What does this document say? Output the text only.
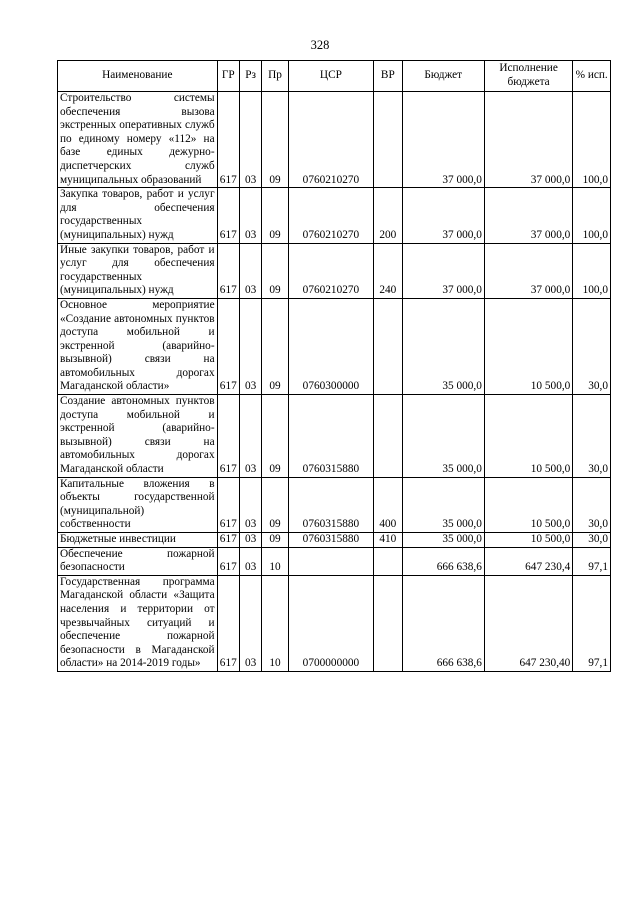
328
Наименование	ГР	Рз	Пр	ЦСР	ВР	Бюджет	Исполнение бюджета	% исп.
Строительство системы обеспечения вызова экстренных оперативных служб по единому номеру «112» на базе единых дежурно-диспетчерских служб муниципальных образований	617	03	09	0760210270		37 000,0	37 000,0	100,0
Закупка товаров, работ и услуг для обеспечения государственных (муниципальных) нужд	617	03	09	0760210270	200	37 000,0	37 000,0	100,0
Иные закупки товаров, работ и услуг для обеспечения государственных (муниципальных) нужд	617	03	09	0760210270	240	37 000,0	37 000,0	100,0
Основное мероприятие «Создание автономных пунктов доступа мобильной и экстренной (аварийно-вызывной) связи на автомобильных дорогах Магаданской области»	617	03	09	0760300000		35 000,0	10 500,0	30,0
Создание автономных пунктов доступа мобильной и экстренной (аварийно-вызывной) связи на автомобильных дорогах Магаданской области	617	03	09	0760315880		35 000,0	10 500,0	30,0
Капитальные вложения в объекты государственной (муниципальной) собственности	617	03	09	0760315880	400	35 000,0	10 500,0	30,0
Бюджетные инвестиции	617	03	09	0760315880	410	35 000,0	10 500,0	30,0
Обеспечение пожарной безопасности	617	03	10			666 638,6	647 230,4	97,1
Государственная программа Магаданской области «Защита населения и территории от чрезвычайных ситуаций и обеспечение пожарной безопасности в Магаданской области» на 2014-2019 годы»	617	03	10	0700000000		666 638,6	647 230,40	97,1
